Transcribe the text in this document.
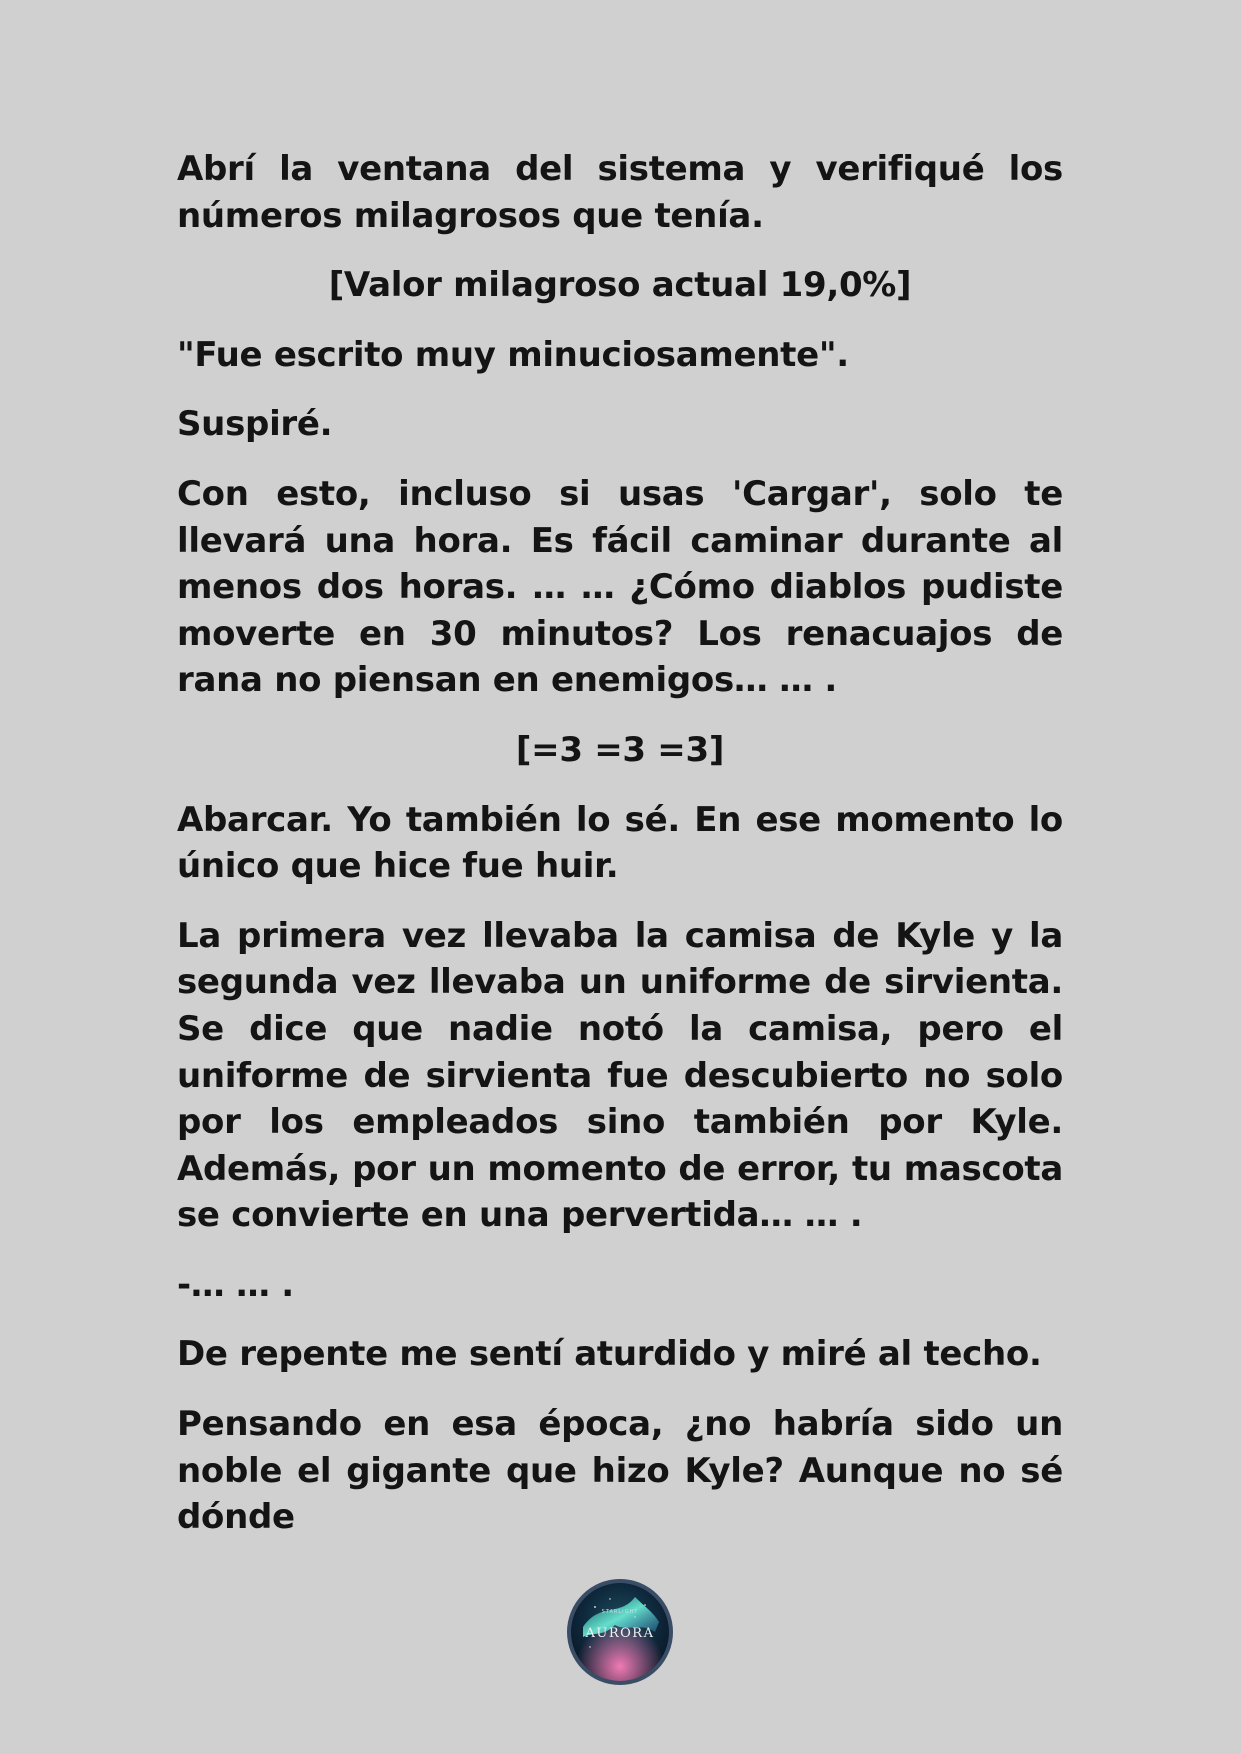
Abrí la ventana del sistema y verifiqué los números milagrosos que tenía.

[Valor milagroso actual 19,0%]

"Fue escrito muy minuciosamente".

Suspiré.

Con esto, incluso si usas 'Cargar', solo te llevará una hora. Es fácil caminar durante al menos dos horas. … … ¿Cómo diablos pudiste moverte en 30 minutos? Los renacuajos de rana no piensan en enemigos… … .

[=3 =3 =3]

Abarcar. Yo también lo sé. En ese momento lo único que hice fue huir.

La primera vez llevaba la camisa de Kyle y la segunda vez llevaba un uniforme de sirvienta. Se dice que nadie notó la camisa, pero el uniforme de sirvienta fue descubierto no solo por los empleados sino también por Kyle. Además, por un momento de error, tu mascota se convierte en una pervertida… … .

-… … .

De repente me sentí aturdido y miré al techo.

Pensando en esa época, ¿no habría sido un noble el gigante que hizo Kyle? Aunque no sé dónde

STARLIGHT
AURORA
